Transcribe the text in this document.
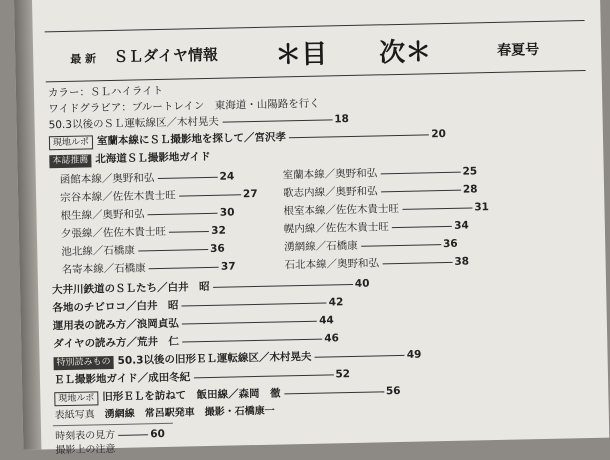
最 新 ＳＬダイヤ情報 ＊目　　次＊	春夏号
カラー：ＳＬハイライト
ワイドグラビア：ブルートレイン　東海道・山陽路を行く
50.3以後のＳＬ運転線区／木村晃夫	18
現地ルポ 室蘭本線にＳＬ撮影地を探して／宮沢孝	20
本誌推薦 北海道ＳＬ撮影地ガイド
函館本線／奥野和弘	24	室蘭本線／奥野和弘	25
宗谷本線／佐佐木貴士旺	27 歌志内線／奥野和弘	28
根生線／奥野和弘	30	根室本線／佐佐木貴士旺	31
夕張線／佐佐木貴士旺	32	幌内線／佐佐木貴士旺	34
池北線／石橋康	36	湧網線／石橋康	36
名寄本線／石橋康	37	石北本線／奥野和弘	38
大井川鉄道のＳＬたち／白井　昭	40
各地のチビロコ／白井　昭	42
運用表の読み方／浪岡貞弘	44
ダイヤの読み方／荒井　仁	46
特別読みもの 50.3以後の旧形ＥＬ運転線区／木村晃夫	49
ＥＬ撮影地ガイド／成田冬紀	52
現地ルポ 旧形ＥＬを訪ねて　飯田線／森岡　徹	56
表紙写真　 湧網線　常呂駅発車　撮影・石橋康一
時刻表の見方	60
撮影上の注意
